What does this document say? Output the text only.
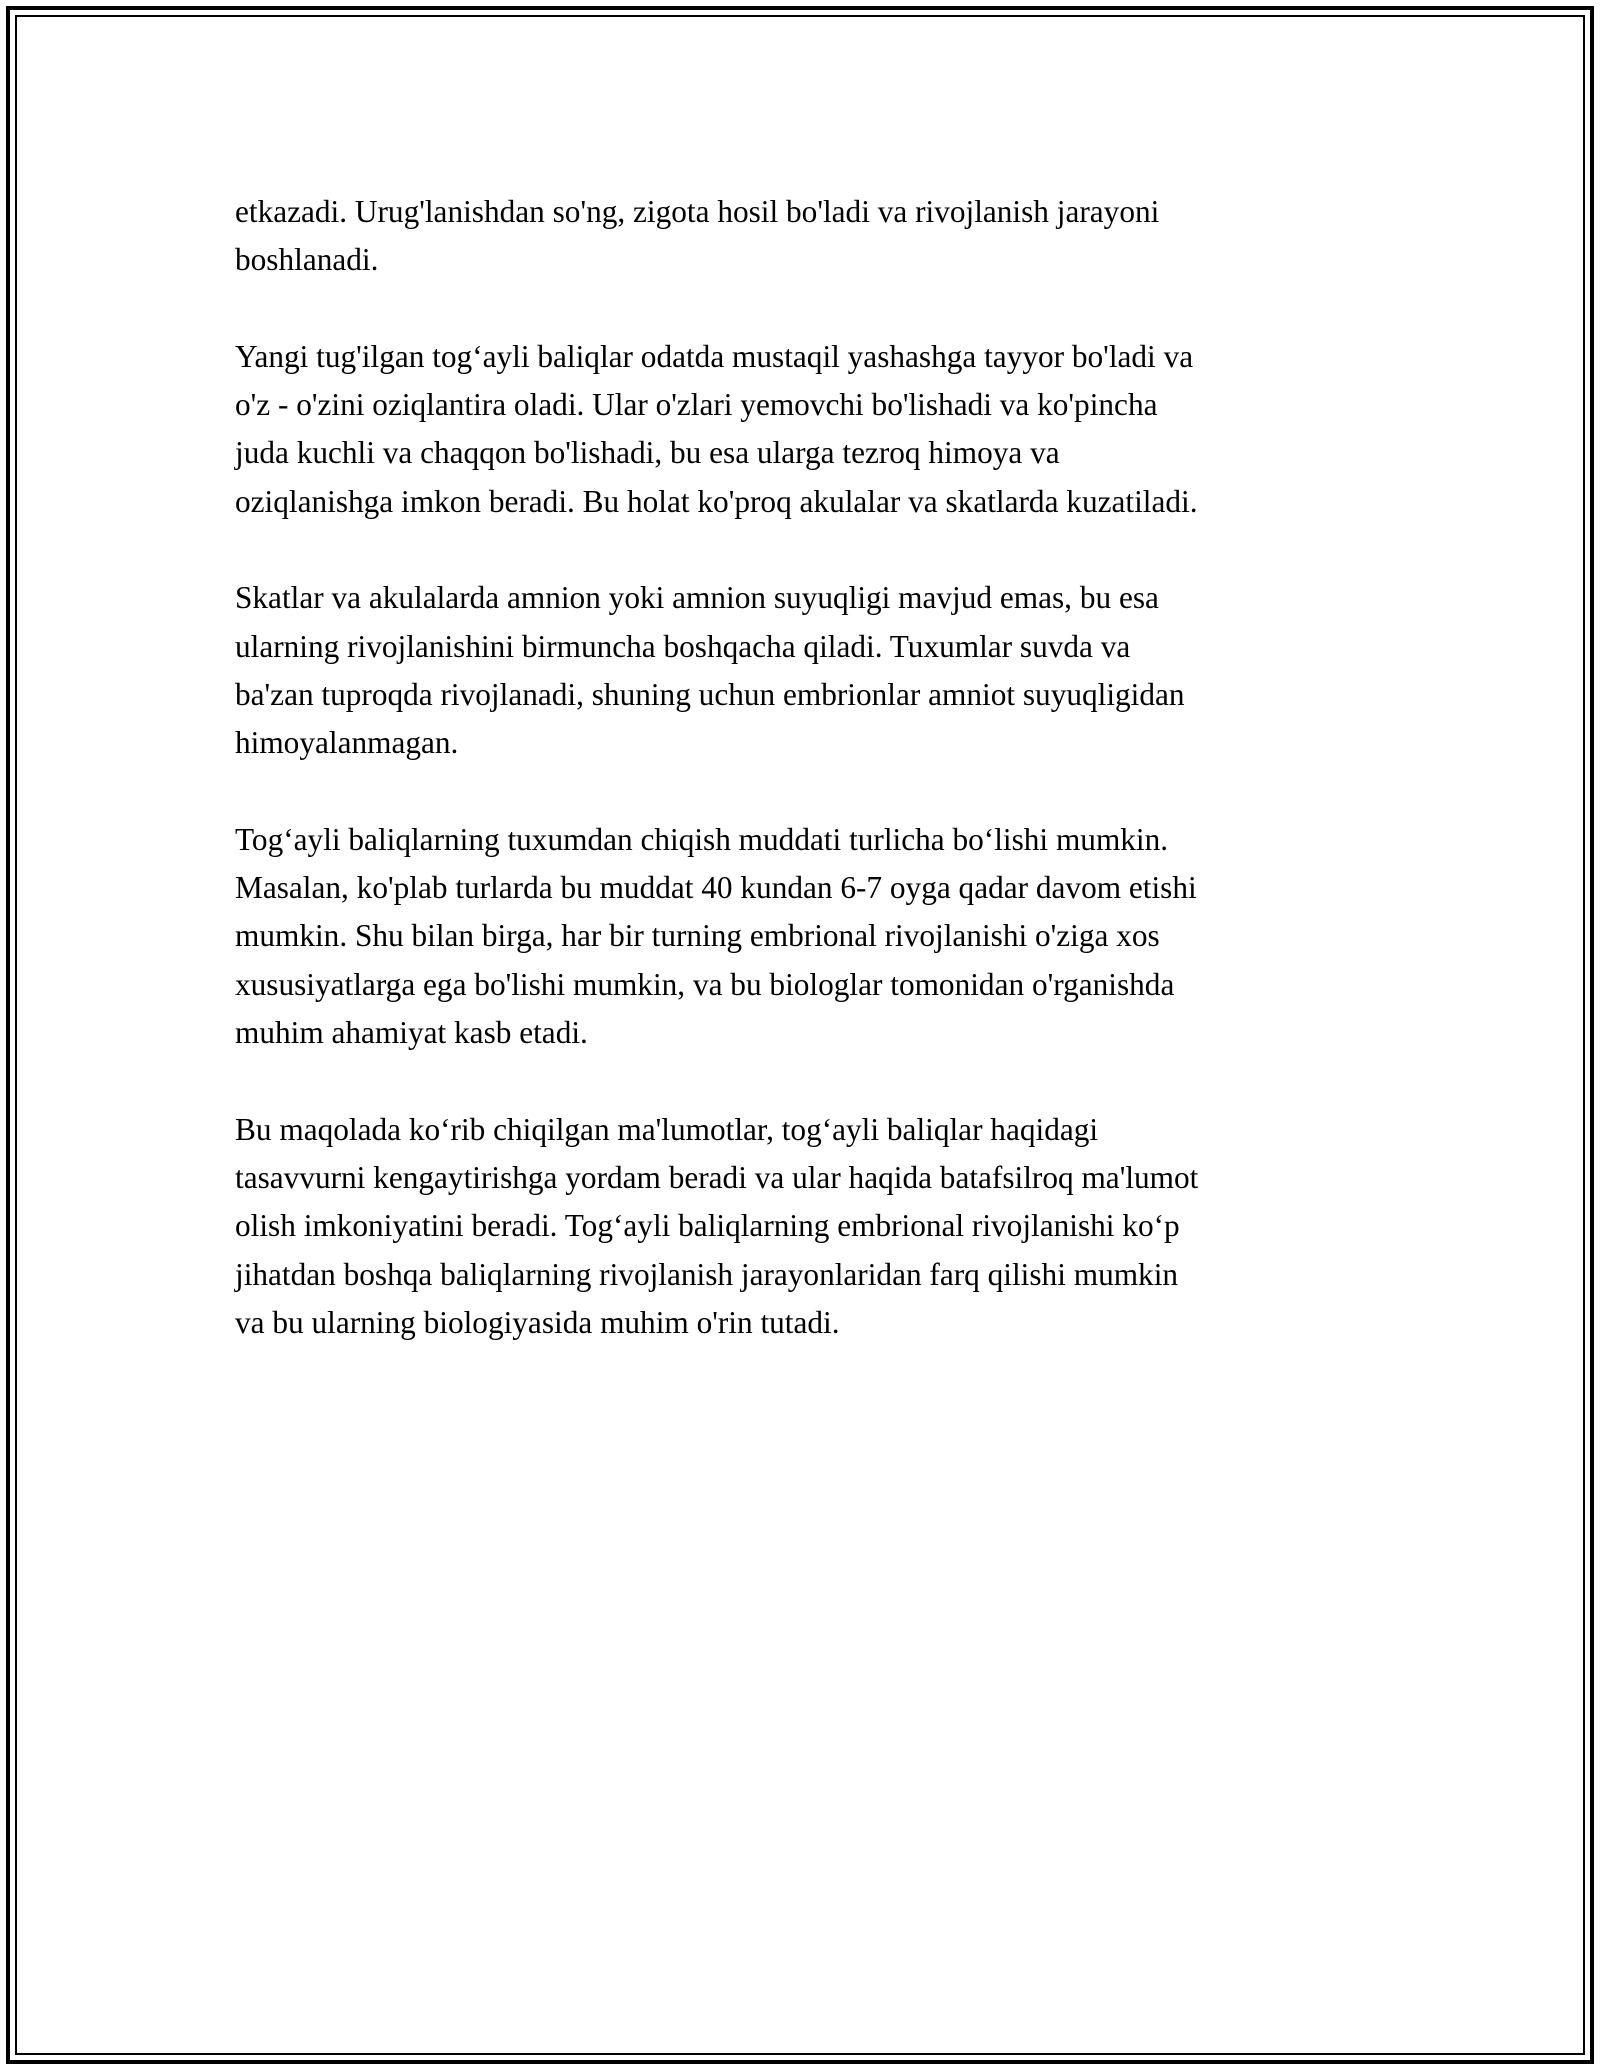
etkazadi. Urug'lanishdan so'ng, zigota hosil bo'ladi va rivojlanish jarayoni
boshlanadi.

Yangi tug'ilgan tog‘ayli baliqlar odatda mustaqil yashashga tayyor bo'ladi va
o'z - o'zini oziqlantira oladi. Ular o'zlari yemovchi bo'lishadi va ko'pincha
juda kuchli va chaqqon bo'lishadi, bu esa ularga tezroq himoya va
oziqlanishga imkon beradi. Bu holat ko'proq akulalar va skatlarda kuzatiladi.

Skatlar va akulalarda amnion yoki amnion suyuqligi mavjud emas, bu esa
ularning rivojlanishini birmuncha boshqacha qiladi. Tuxumlar suvda va
ba'zan tuproqda rivojlanadi, shuning uchun embrionlar amniot suyuqligidan
himoyalanmagan.

Tog‘ayli baliqlarning tuxumdan chiqish muddati turlicha bo‘lishi mumkin.
Masalan, ko'plab turlarda bu muddat 40 kundan 6-7 oyga qadar davom etishi
mumkin. Shu bilan birga, har bir turning embrional rivojlanishi o'ziga xos
xususiyatlarga ega bo'lishi mumkin, va bu biologlar tomonidan o'rganishda
muhim ahamiyat kasb etadi.

Bu maqolada ko‘rib chiqilgan ma'lumotlar, tog‘ayli baliqlar haqidagi
tasavvurni kengaytirishga yordam beradi va ular haqida batafsilroq ma'lumot
olish imkoniyatini beradi. Tog‘ayli baliqlarning embrional rivojlanishi ko‘p
jihatdan boshqa baliqlarning rivojlanish jarayonlaridan farq qilishi mumkin
va bu ularning biologiyasida muhim o'rin tutadi.
